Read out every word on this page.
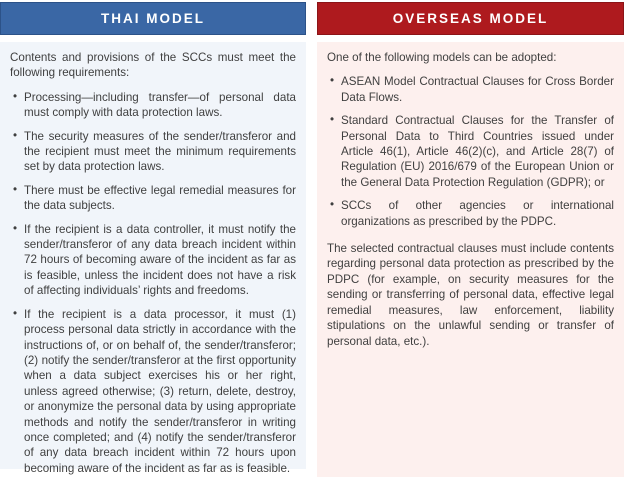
THAI MODEL

Contents and provisions of the SCCs must meet the following requirements:

• Processing—including transfer—of personal data must comply with data protection laws.
• The security measures of the sender/transferor and the recipient must meet the minimum requirements set by data protection laws.
• There must be effective legal remedial measures for the data subjects.
• If the recipient is a data controller, it must notify the sender/transferor of any data breach incident within 72 hours of becoming aware of the incident as far as is feasible, unless the incident does not have a risk of affecting individuals’ rights and freedoms.
• If the recipient is a data processor, it must (1) process personal data strictly in accordance with the instructions of, or on behalf of, the sender/transferor; (2) notify the sender/transferor at the first opportunity when a data subject exercises his or her right, unless agreed otherwise; (3) return, delete, destroy, or anonymize the personal data by using appropriate methods and notify the sender/transferor in writing once completed; and (4) notify the sender/transferor of any data breach incident within 72 hours upon becoming aware of the incident as far as is feasible.
OVERSEAS MODEL

One of the following models can be adopted:

• ASEAN Model Contractual Clauses for Cross Border Data Flows.
• Standard Contractual Clauses for the Transfer of Personal Data to Third Countries issued under Article 46(1), Article 46(2)(c), and Article 28(7) of Regulation (EU) 2016/679 of the European Union or the General Data Protection Regulation (GDPR); or
• SCCs of other agencies or international organizations as prescribed by the PDPC.

The selected contractual clauses must include contents regarding personal data protection as prescribed by the PDPC (for example, on security measures for the sending or transferring of personal data, effective legal remedial measures, law enforcement, liability stipulations on the unlawful sending or transfer of personal data, etc.).
